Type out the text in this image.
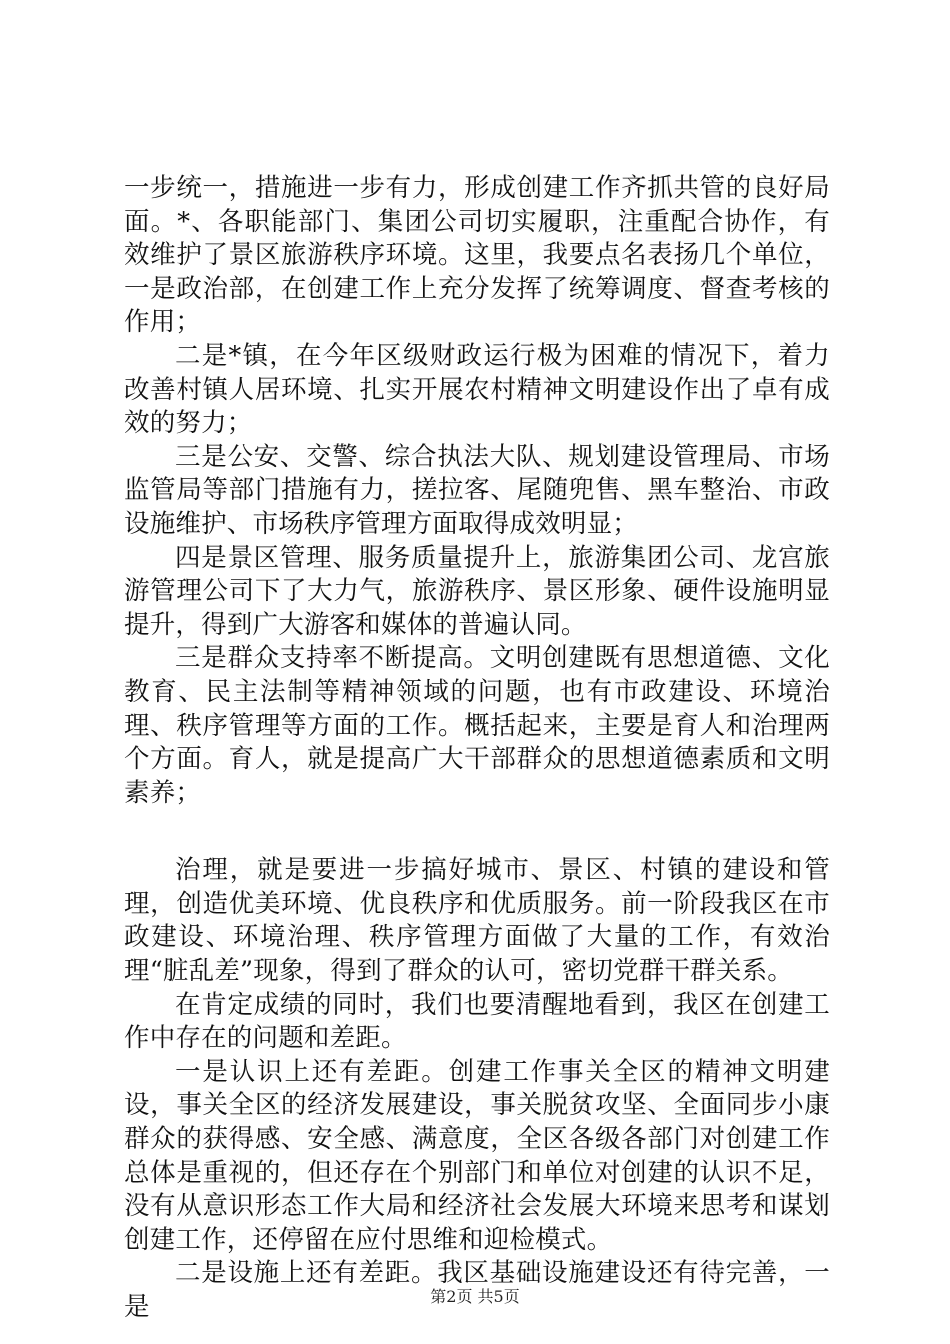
一步统一，措施进一步有力，形成创建工作齐抓共管的良好局面。*、各职能部门、集团公司切实履职，注重配合协作，有效维护了景区旅游秩序环境。这里，我要点名表扬几个单位，一是政治部，在创建工作上充分发挥了统筹调度、督查考核的作用；

二是*镇，在今年区级财政运行极为困难的情况下，着力改善村镇人居环境、扎实开展农村精神文明建设作出了卓有成效的努力；

三是公安、交警、综合执法大队、规划建设管理局、市场监管局等部门措施有力，搓拉客、尾随兜售、黑车整治、市政设施维护、市场秩序管理方面取得成效明显；

四是景区管理、服务质量提升上，旅游集团公司、龙宫旅游管理公司下了大力气，旅游秩序、景区形象、硬件设施明显提升，得到广大游客和媒体的普遍认同。

三是群众支持率不断提高。文明创建既有思想道德、文化教育、民主法制等精神领域的问题，也有市政建设、环境治理、秩序管理等方面的工作。概括起来，主要是育人和治理两个方面。育人，就是提高广大干部群众的思想道德素质和文明素养；

治理，就是要进一步搞好城市、景区、村镇的建设和管理，创造优美环境、优良秩序和优质服务。前一阶段我区在市政建设、环境治理、秩序管理方面做了大量的工作，有效治理“脏乱差”现象，得到了群众的认可，密切党群干群关系。

在肯定成绩的同时，我们也要清醒地看到，我区在创建工作中存在的问题和差距。

一是认识上还有差距。创建工作事关全区的精神文明建设，事关全区的经济发展建设，事关脱贫攻坚、全面同步小康群众的获得感、安全感、满意度，全区各级各部门对创建工作总体是重视的，但还存在个别部门和单位对创建的认识不足，没有从意识形态工作大局和经济社会发展大环境来思考和谋划创建工作，还停留在应付思维和迎检模式。

二是设施上还有差距。我区基础设施建设还有待完善，一是	第2页 共5页
